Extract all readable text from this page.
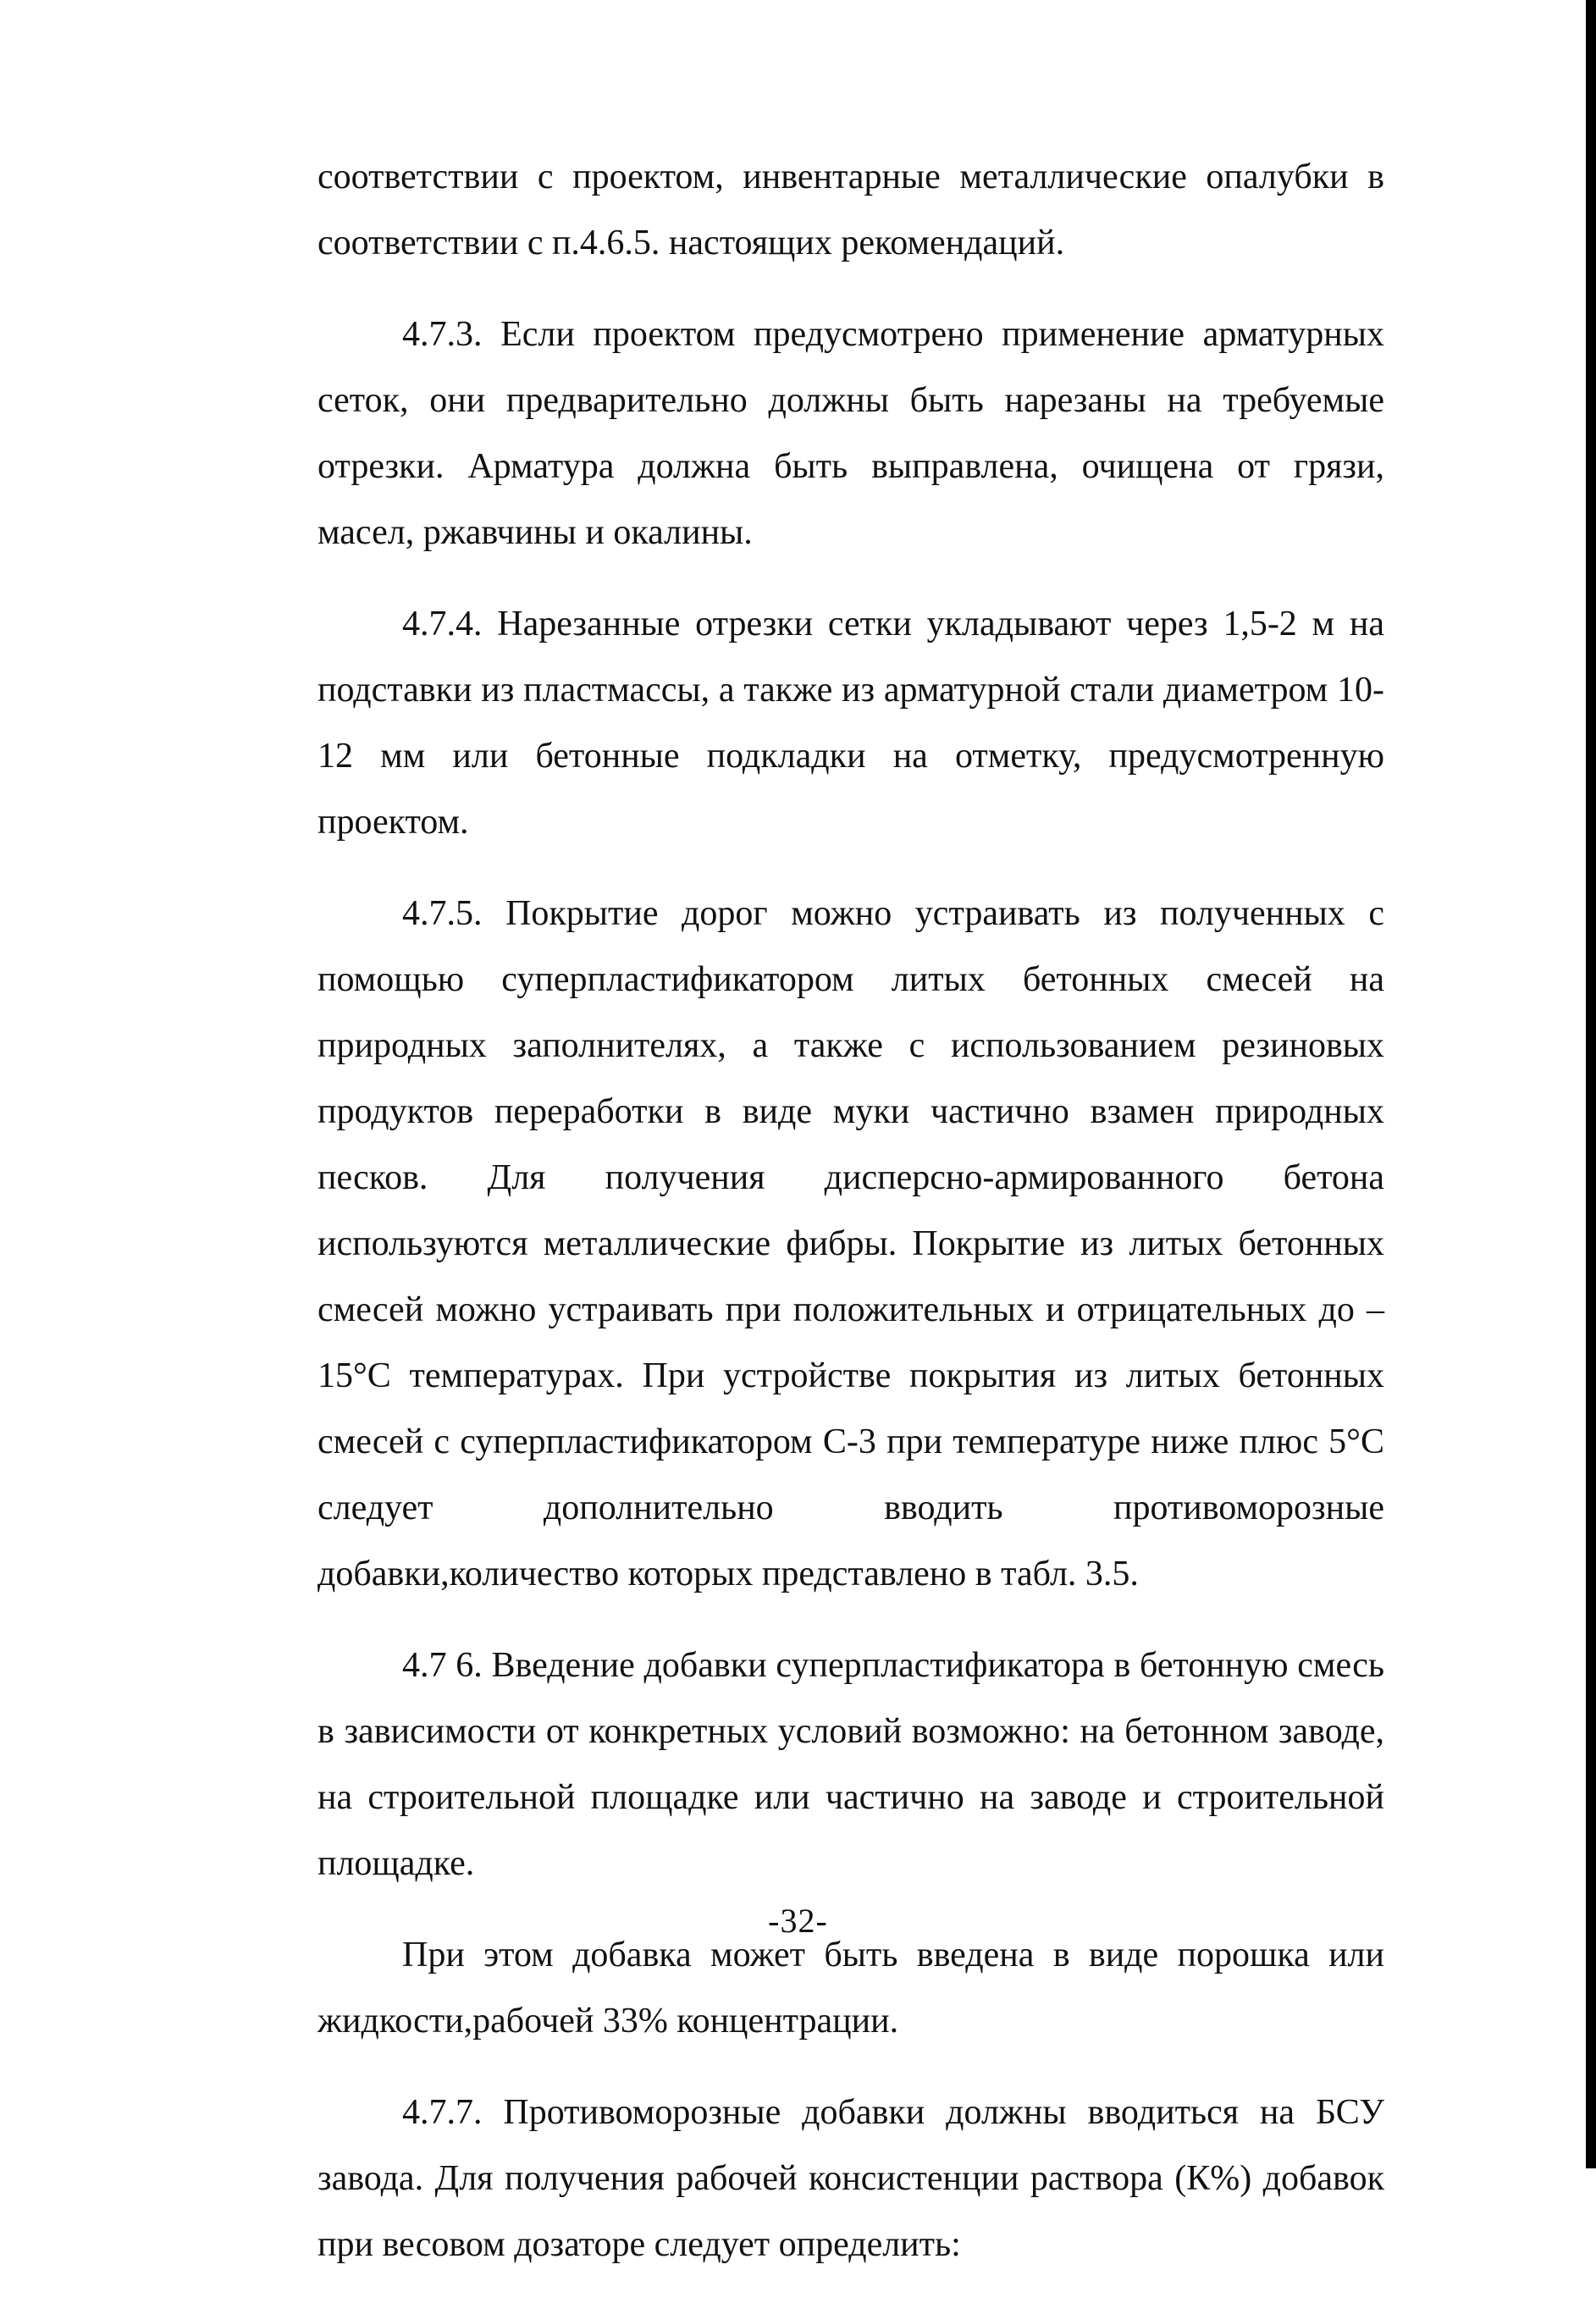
соответствии с проектом, инвентарные металлические опалубки в соответствии с п.4.6.5. настоящих рекомендаций.

4.7.3. Если проектом предусмотрено применение арматурных сеток, они предварительно должны быть нарезаны на требуемые отрезки. Арматура должна быть выправлена, очищена от грязи, масел, ржавчины и окалины.

4.7.4. Нарезанные отрезки сетки укладывают через 1,5-2 м на подставки из пластмассы, а также из арматурной стали диаметром 10-12 мм или бетонные подкладки на отметку, предусмотренную проектом.

4.7.5. Покрытие дорог можно устраивать из полученных с помощью суперпластификатором литых бетонных смесей на природных заполнителях, а также с использованием резиновых продуктов переработки в виде муки частично взамен природных песков. Для получения дисперсно-армированного бетона используются металлические фибры. Покрытие из литых бетонных смесей можно устраивать при положительных и отрицательных до –15°С температурах. При устройстве покрытия из литых бетонных смесей с суперпластификатором С-3 при температуре ниже плюс 5°С следует дополнительно вводить противоморозные добавки,количество которых представлено в табл. 3.5.

4.7 6. Введение добавки суперпластификатора в бетонную смесь в зависимости от конкретных условий возможно: на бетонном заводе, на строительной площадке или частично на заводе и строительной площадке.

При этом добавка может быть введена в виде порошка или жидкости,рабочей 33% концентрации.

4.7.7. Противоморозные добавки должны вводиться на БСУ завода. Для получения рабочей консистенции раствора (К%) добавок при весовом дозаторе следует определить:

-32-
